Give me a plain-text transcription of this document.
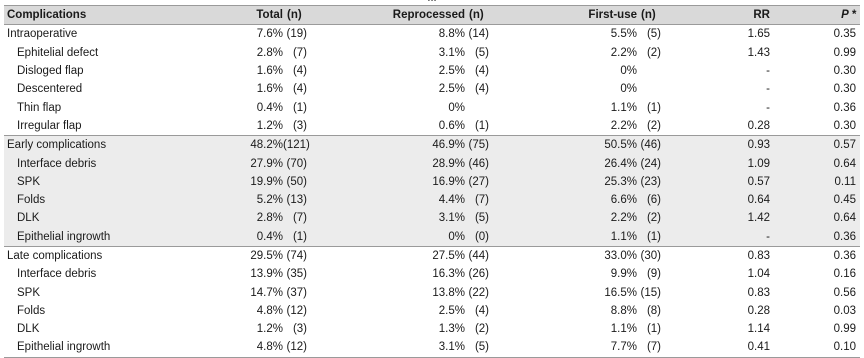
Complications	Total	(n)	Reprocessed	(n)	First-use	(n)	RR	P *
Intraoperative	7.6%	(19)	8.8%	(14)	5.5%	(5)	1.65	0.35
Ephitelial defect	2.8%	(7)	3.1%	(5)	2.2%	(2)	1.43	0.99
Disloged flap	1.6%	(4)	2.5%	(4)	0%		-	0.30
Descentered	1.6%	(4)	2.5%	(4)	0%		-	0.30
Thin flap	0.4%	(1)	0%		1.1%	(1)	-	0.36
Irregular flap	1.2%	(3)	0.6%	(1)	2.2%	(2)	0.28	0.30
Early complications	48.2%	(121)	46.9%	(75)	50.5%	(46)	0.93	0.57
Interface debris	27.9%	(70)	28.9%	(46)	26.4%	(24)	1.09	0.64
SPK	19.9%	(50)	16.9%	(27)	25.3%	(23)	0.57	0.11
Folds	5.2%	(13)	4.4%	(7)	6.6%	(6)	0.64	0.45
DLK	2.8%	(7)	3.1%	(5)	2.2%	(2)	1.42	0.64
Epithelial ingrowth	0.4%	(1)	0%	(0)	1.1%	(1)	-	0.36
Late complications	29.5%	(74)	27.5%	(44)	33.0%	(30)	0.83	0.36
Interface debris	13.9%	(35)	16.3%	(26)	9.9%	(9)	1.04	0.16
SPK	14.7%	(37)	13.8%	(22)	16.5%	(15)	0.83	0.56
Folds	4.8%	(12)	2.5%	(4)	8.8%	(8)	0.28	0.03
DLK	1.2%	(3)	1.3%	(2)	1.1%	(1)	1.14	0.99
Epithelial ingrowth	4.8%	(12)	3.1%	(5)	7.7%	(7)	0.41	0.10
